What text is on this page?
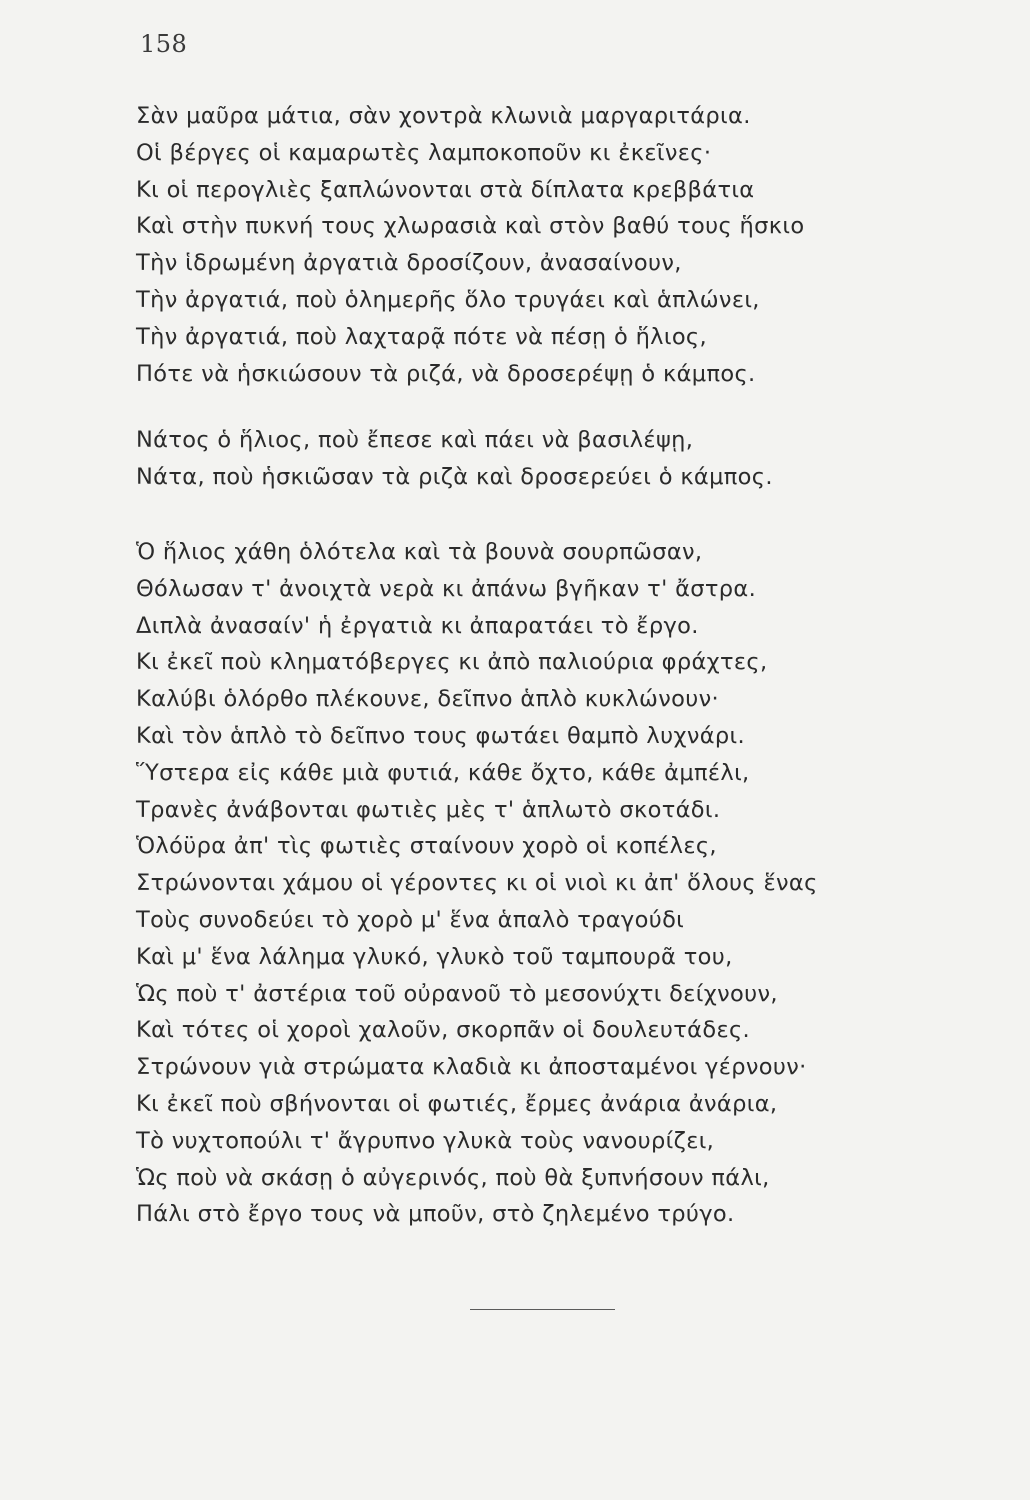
158
Σὰν μαῦρα μάτια, σὰν χοντρὰ κλωνιὰ μαργαριτάρια.
Οἱ βέργες οἱ καμαρωτὲς λαμποκοποῦν κι ἐκεῖνες·
Κι οἱ περογλιὲς ξαπλώνονται στὰ δίπλατα κρεββάτια
Καὶ στὴν πυκνή τους χλωρασιὰ καὶ στὸν βαθύ τους ἥσκιο
Τὴν ἱδρωμένη ἀργατιὰ δροσίζουν, ἀνασαίνουν,
Τὴν ἀργατιά, ποὺ ὁλημερῆς ὅλο τρυγάει καὶ ἁπλώνει,
Τὴν ἀργατιά, ποὺ λαχταρᾷ πότε νὰ πέσῃ ὁ ἥλιος,
Πότε νὰ ἡσκιώσουν τὰ ριζά, νὰ δροσερέψῃ ὁ κάμπος.
Νάτος ὁ ἥλιος, ποὺ ἔπεσε καὶ πάει νὰ βασιλέψῃ,
Νάτα, ποὺ ἡσκιῶσαν τὰ ριζὰ καὶ δροσερεύει ὁ κάμπος.
Ὁ ἥλιος χάθη ὁλότελα καὶ τὰ βουνὰ σουρπῶσαν,
Θόλωσαν τ' ἀνοιχτὰ νερὰ κι ἀπάνω βγῆκαν τ' ἄστρα.
Διπλὰ ἀνασαίν' ἡ ἐργατιὰ κι ἀπαρατάει τὸ ἔργο.
Κι ἐκεῖ ποὺ κληματόβεργες κι ἀπὸ παλιούρια φράχτες,
Καλύβι ὁλόρθο πλέκουνε, δεῖπνο ἁπλὸ κυκλώνουν·
Καὶ τὸν ἁπλὸ τὸ δεῖπνο τους φωτάει θαμπὸ λυχνάρι.
Ὕστερα εἰς κάθε μιὰ φυτιά, κάθε ὄχτο, κάθε ἀμπέλι,
Τρανὲς ἀνάβονται φωτιὲς μὲς τ' ἁπλωτὸ σκοτάδι.
Ὁλόϋρα ἀπ' τὶς φωτιὲς σταίνουν χορὸ οἱ κοπέλες,
Στρώνονται χάμου οἱ γέροντες κι οἱ νιοὶ κι ἀπ' ὅλους ἕνας
Τοὺς συνοδεύει τὸ χορὸ μ' ἕνα ἁπαλὸ τραγούδι
Καὶ μ' ἕνα λάλημα γλυκό, γλυκὸ τοῦ ταμπουρᾶ του,
Ὡς ποὺ τ' ἀστέρια τοῦ οὐρανοῦ τὸ μεσονύχτι δείχνουν,
Καὶ τότες οἱ χοροὶ χαλοῦν, σκορπᾶν οἱ δουλευτάδες.
Στρώνουν γιὰ στρώματα κλαδιὰ κι ἀποσταμένοι γέρνουν·
Κι ἐκεῖ ποὺ σβήνονται οἱ φωτιές, ἔρμες ἀνάρια ἀνάρια,
Τὸ νυχτοπούλι τ' ἄγρυπνο γλυκὰ τοὺς νανουρίζει,
Ὡς ποὺ νὰ σκάσῃ ὁ αὐγερινός, ποὺ θὰ ξυπνήσουν πάλι,
Πάλι στὸ ἔργο τους νὰ μποῦν, στὸ ζηλεμένο τρύγο.
